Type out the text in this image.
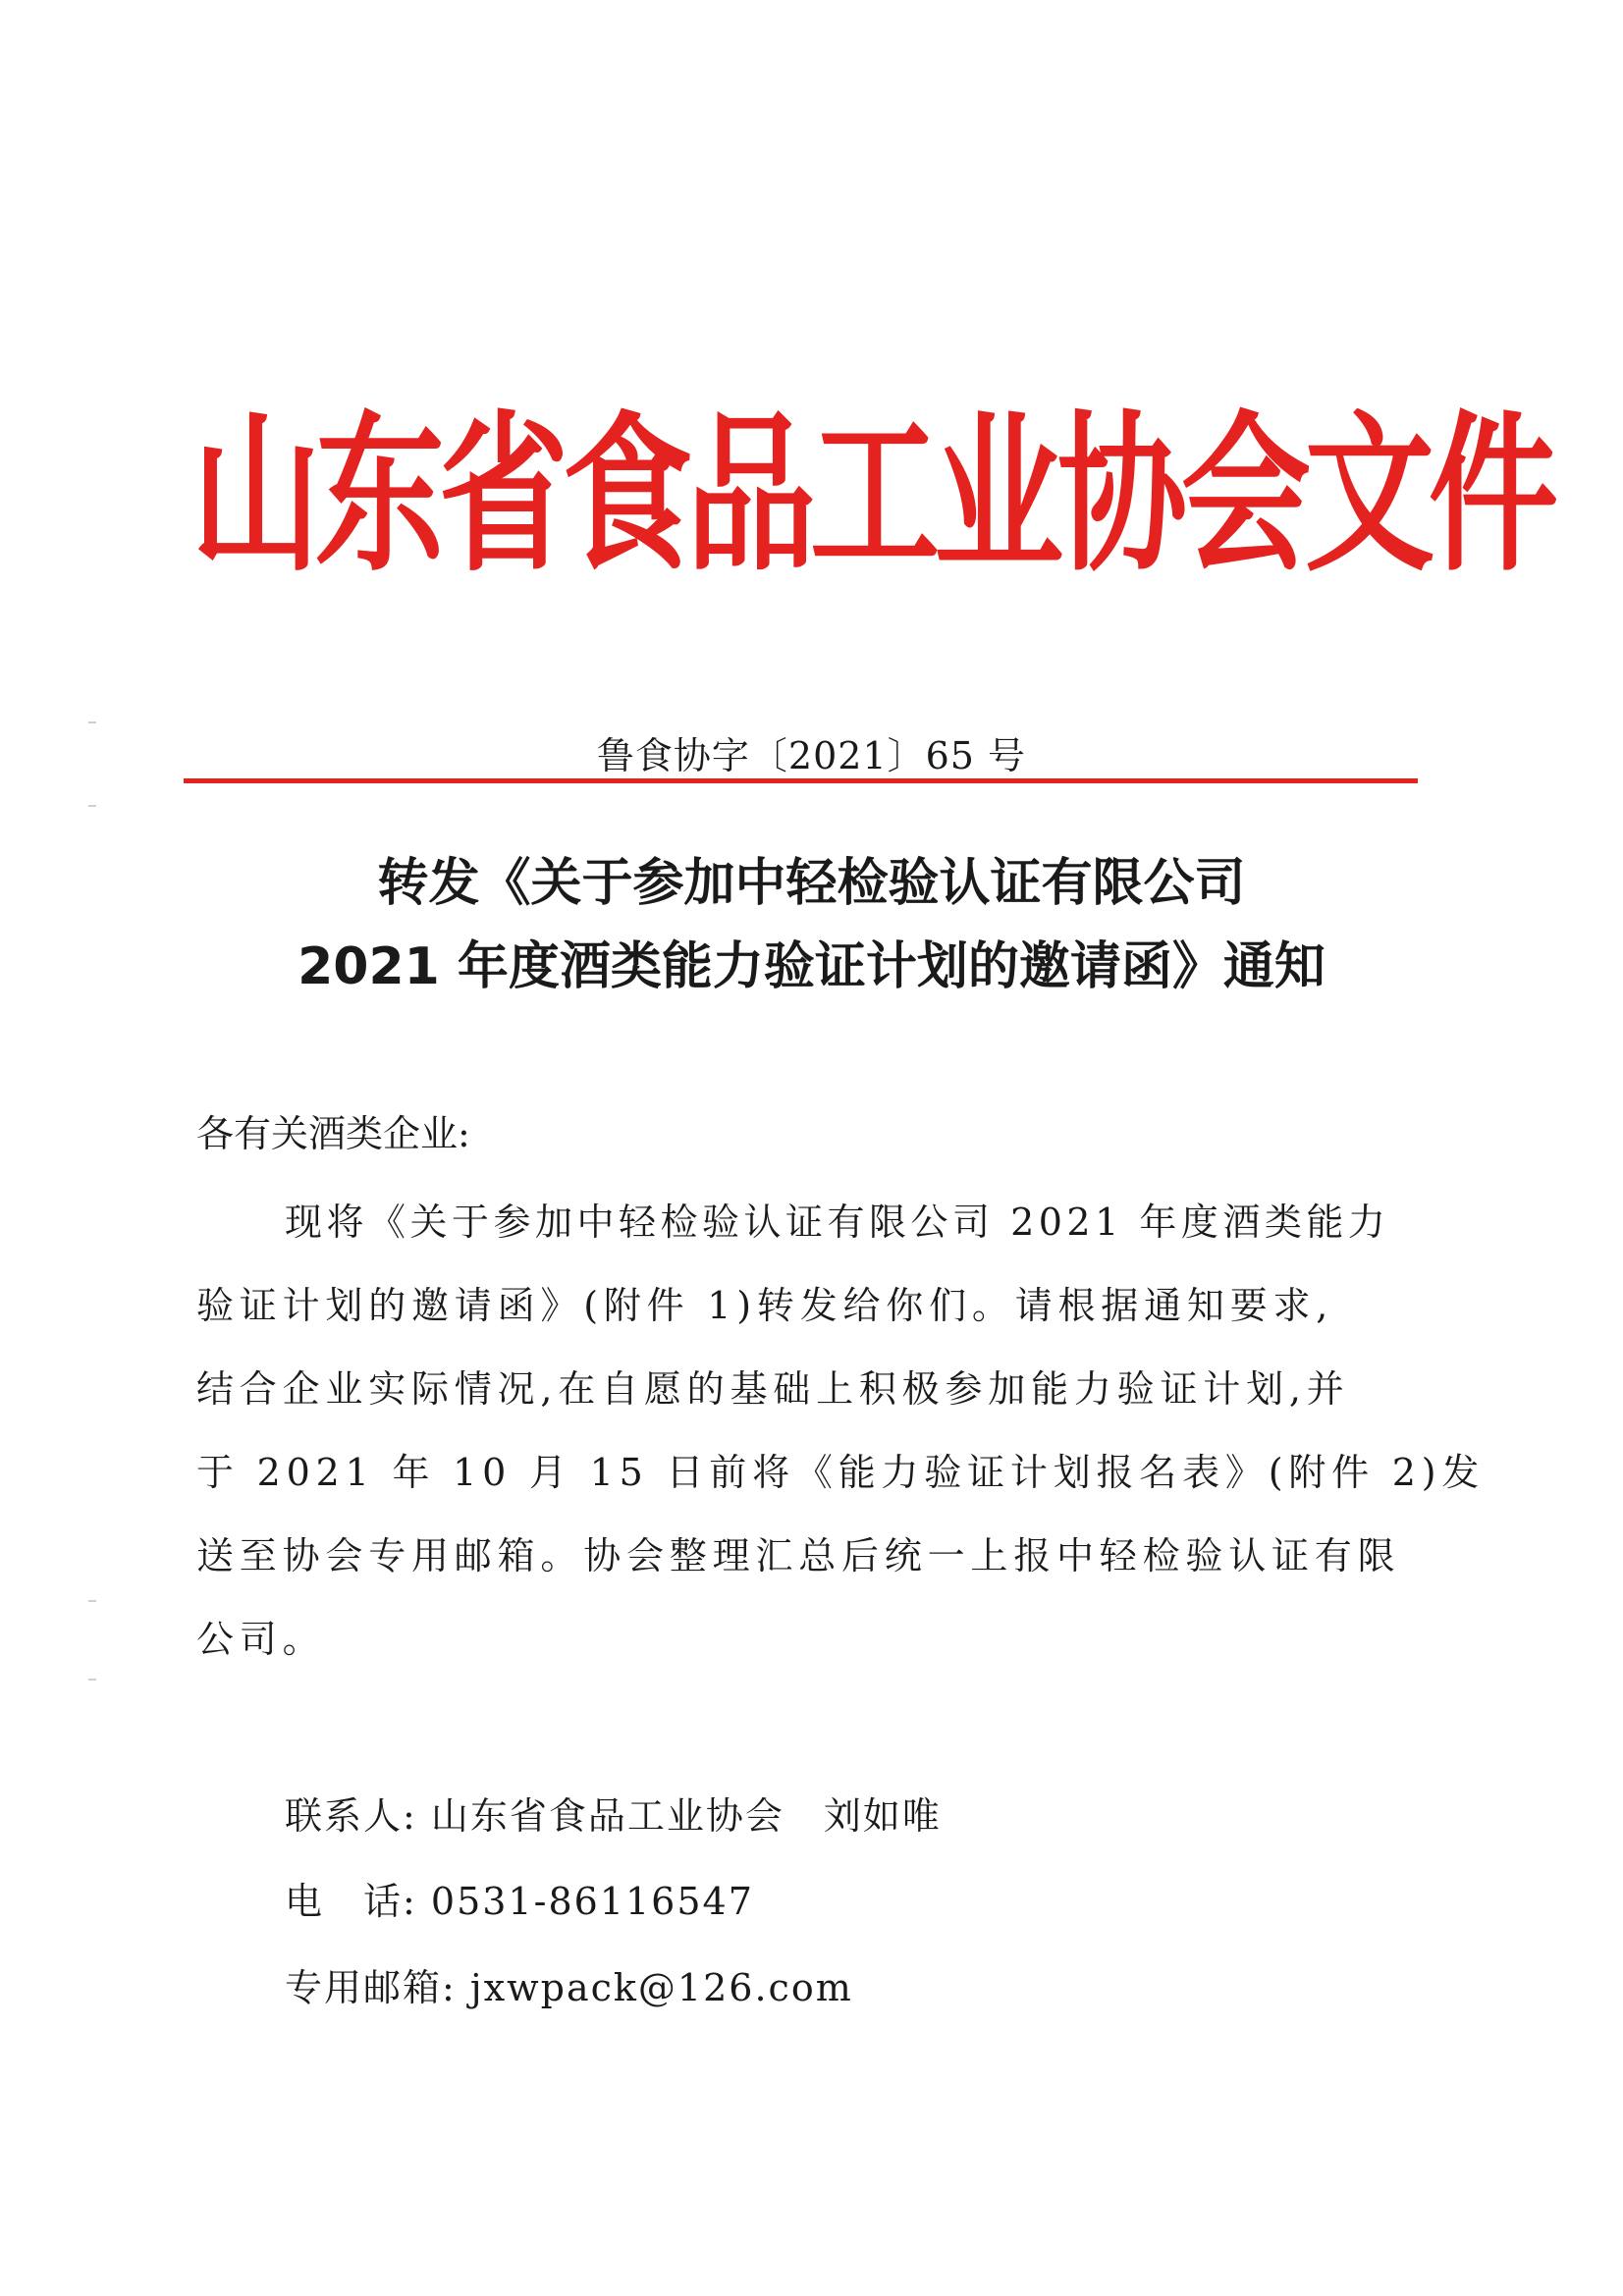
山东省食品工业协会文件
鲁食协字〔2021〕65 号
转发《关于参加中轻检验认证有限公司
2021 年度酒类能力验证计划的邀请函》通知
各有关酒类企业:
现将《关于参加中轻检验认证有限公司 2021 年度酒类能力
验证计划的邀请函》(附件 1)转发给你们。请根据通知要求,
结合企业实际情况,在自愿的基础上积极参加能力验证计划,并
于 2021 年 10 月 15 日前将《能力验证计划报名表》(附件 2)发
送至协会专用邮箱。协会整理汇总后统一上报中轻检验认证有限
公司。
联系人: 山东省食品工业协会 刘如唯
电　话: 0531-86116547
专用邮箱: jxwpack@126.com
